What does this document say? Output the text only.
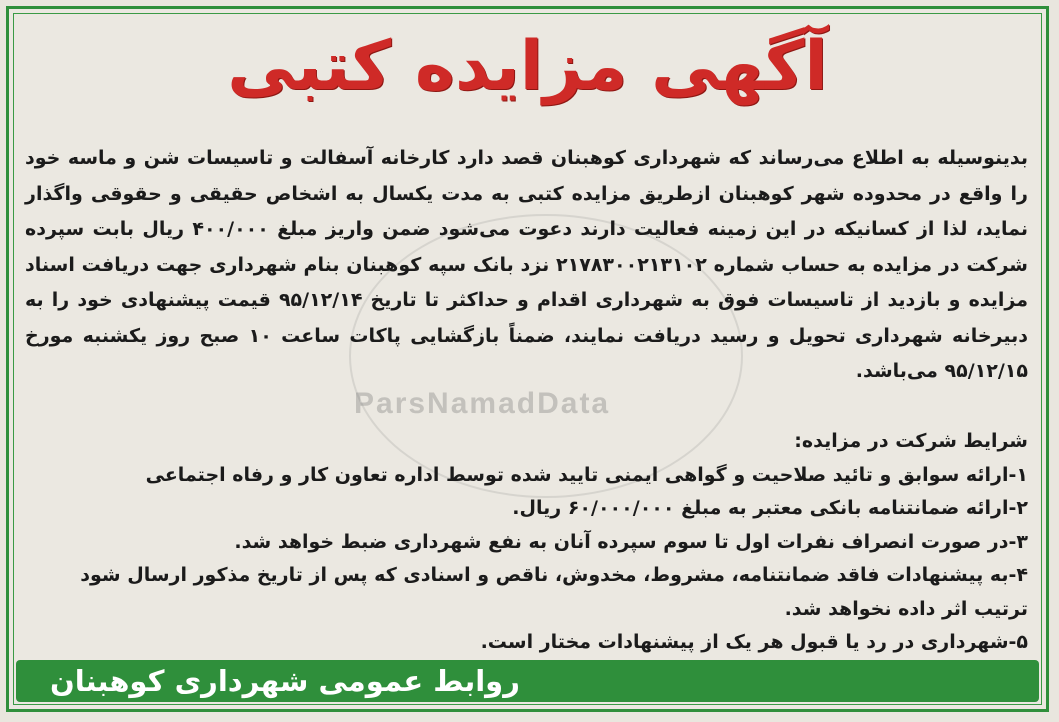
ParsNamadData
آگهی مزایده کتبی

بدینوسیله به اطلاع می‌رساند که شهرداری کوهبنان قصد دارد کارخانه آسفالت و تاسیسات شن و ماسه خود را واقع در محدوده شهر کوهبنان ازطریق مزایده کتبی به مدت یکسال به اشخاص حقیقی و حقوقی واگذار نماید، لذا از کسانیکه در این زمینه فعالیت دارند دعوت می‌شود ضمن واریز مبلغ ۴۰۰/۰۰۰ ریال بابت سپرده شرکت در مزایده به حساب شماره ۲۱۷۸۳۰۰۲۱۳۱۰۲ نزد بانک سپه کوهبنان بنام شهرداری جهت دریافت اسناد مزایده و بازدید از تاسیسات فوق به شهرداری اقدام و حداکثر تا تاریخ ۹۵/۱۲/۱۴ قیمت پیشنهادی خود را به دبیرخانه شهرداری تحویل و رسید دریافت نمایند، ضمناً بازگشایی پاکات ساعت ۱۰ صبح روز یکشنبه مورخ ۹۵/۱۲/۱۵ می‌باشد.

شرایط شرکت در مزایده:
۱-ارائه سوابق و تائید صلاحیت و گواهی ایمنی تایید شده توسط اداره تعاون کار و رفاه اجتماعی
۲-ارائه ضمانتنامه بانکی معتبر به مبلغ ۶۰/۰۰۰/۰۰۰ ریال.
۳-در صورت انصراف نفرات اول تا سوم سپرده آنان به نفع شهرداری ضبط خواهد شد.
۴-به پیشنهادات فاقد ضمانتنامه، مشروط، مخدوش، ناقص و اسنادی که پس از تاریخ مذکور ارسال شود ترتیب اثر داده نخواهد شد.
۵-شهرداری در رد یا قبول هر یک از پیشنهادات مختار است.
روابط عمومی شهرداری کوهبنان
